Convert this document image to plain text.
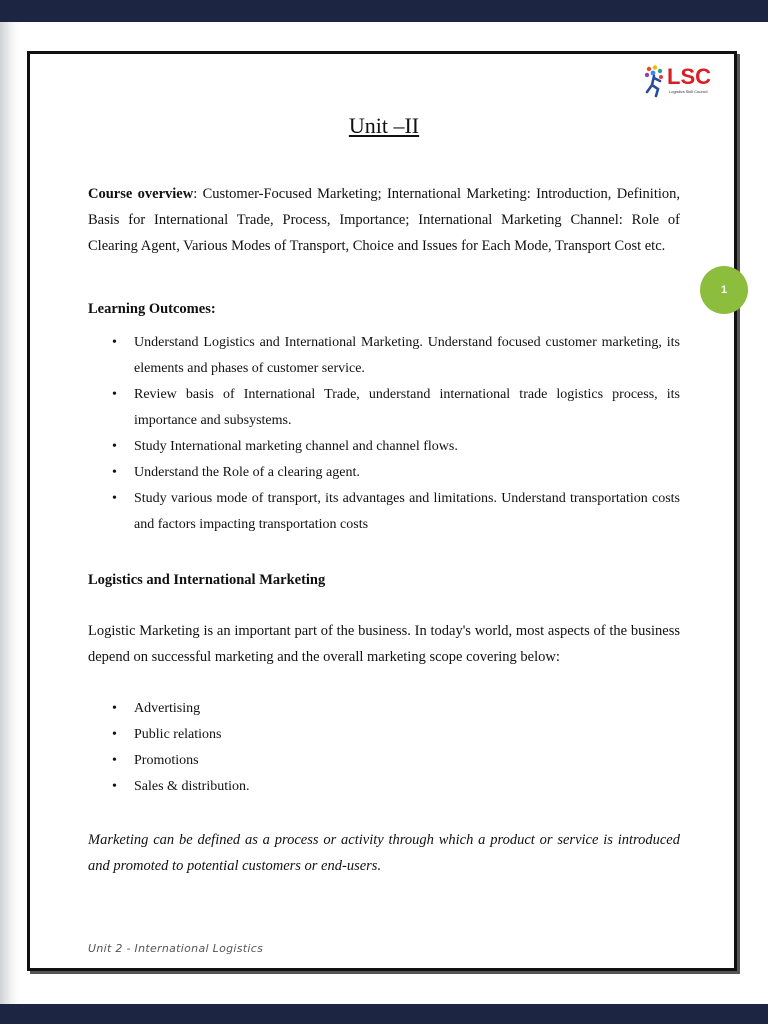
LSC
Logistics Skill Council
Unit –II
Course overview: Customer-Focused Marketing; International Marketing: Introduction, Definition, Basis for International Trade, Process, Importance; International Marketing Channel: Role of Clearing Agent, Various Modes of Transport, Choice and Issues for Each Mode, Transport Cost etc.
1
Learning Outcomes:
• Understand Logistics and International Marketing. Understand focused customer marketing, its elements and phases of customer service.
• Review basis of International Trade, understand international trade logistics process, its importance and subsystems.
• Study International marketing channel and channel flows.
• Understand the Role of a clearing agent.
• Study various mode of transport, its advantages and limitations. Understand transportation costs and factors impacting transportation costs
Logistics and International Marketing
Logistic Marketing is an important part of the business. In today's world, most aspects of the business depend on successful marketing and the overall marketing scope covering below:
• Advertising
• Public relations
• Promotions
• Sales & distribution.
Marketing can be defined as a process or activity through which a product or service is introduced and promoted to potential customers or end-users.
Unit 2 - International Logistics
